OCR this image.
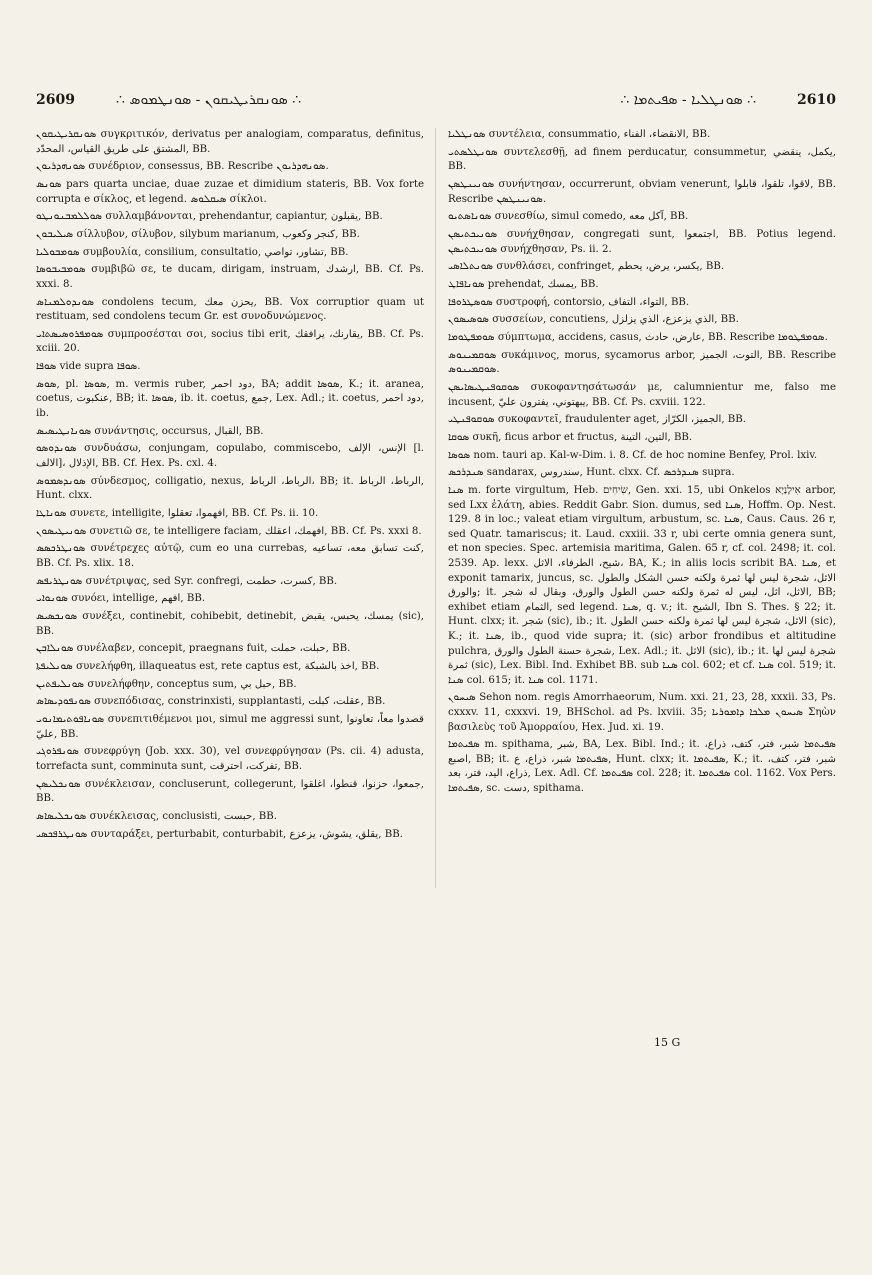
2609	∴ ܣܘܢܩܪܝܛܝܩܘܢ - ܣܘܢܛܡܘܣ ∴	∴ ܣܘܢܛܠܝܐ - ܣܦܝܬܡܐ ∴	2610

ܣܘܢܩܪܝܛܝܩܘܢ συγκριτικόν, derivatus per analogiam, comparatus, definitus, المشتق على طريق القياس، المحدّد, BB.

ܣܘܢܗܕܪܝܘܢ συνέδριον, consessus, BB. Rescribe ܣܘܢܗܕܪܝܘܢ.

ܣܘܢܣ pars quarta unciae, duae zuzae et dimidium stateris, BB. Vox forte corrupta e σίκλος, et legend. ܣܝܩܠܘܣ σίκλοι.

ܣܘܠܠܡܒܢܘܢܛܘ συλλαμβάνονται, prehendantur, capiantur, يقبلون, BB.

ܣܝܠܝܒܘܢ σίλλυβον, σίλυβον, silybum marianum, كنجر وكعوب, BB.

ܣܘܡܒܘܠܝܐ συμβουλία, consilium, consultatio, تشاور، تواصي, BB.

ܣܘܡܒܝܒܘܣܐ συμβιβῶ σε, te ducam, dirigam, instruam, ارشدك, BB. Cf. Ps. xxxi. 8.

ܣܘܢܕܘܠܡܢܐܣ condolens tecum, يحزن معك, BB. Vox corruptior quam ut restituam, sed condolens tecum Gr. est συνοδυνώμενος.

ܣܘܡܦܪܘܣܝܣܬܐܝ συμπροσέσται σοι, socius tibi erit, يقارنك، يرافقك, BB. Cf. Ps. xciii. 20.

ܣܘܦܐ vide supra ܣܘܦܐ.

ܣܘܣ, pl. ܣܘܣܐ, m. vermis ruber, دود احمر, BA; addit ܣܘܣܐ, K.; it. aranea, coetus, عنكبوت, BB; it. ܣܘܣܐ, ib. it. coetus, جمع, Lex. Adl.; it. coetus, دود احمر, ib.

ܣܘܢܐܢܛܝܣܝܣ συνάντησις, occursus, القبال, BB.

ܣܘܢܕܘܣܘ συνδυάσω, conjungam, copulabo, commiscebo, الإنس، الإلف [l. الالف]، الإذلال, BB. Cf. Hex. Ps. cxl. 4.

ܣܘܢܕܣܡܘܣ σύνδεσμος, colligatio, nexus, الرباط، الرباط، BB; it. الرباط، الرباط, Hunt. clxx.

ܣܘܢܐܛܐ συνετε, intelligite, افهموا، تعقلوا, BB. Cf. Ps. ii. 10.

ܣܘܢܝܛܝܣܘܢ συνετιῶ σε, te intelligere faciam, افهمك، اعقلك, BB. Cf. Ps. xxxi 8.

ܣܘܢܛܪܟܣܣ συνέτρεχες αὐτῷ, cum eo una currebas, كنت تسابق معه، تساعيه, BB. Cf. Ps. xlix. 18.

ܣܘܢܛܪܝܦܣ συνέτριψας, sed Syr. confregi, كسرت، حطمت, BB.

ܣܘܢܘܐܝ συνόει, intellige, افهم, BB.

ܣܘܢܟܣܝܣ συνέξει, continebit, cohibebit, detinebit, يمسك، يحبس، يقبض (sic), BB.

ܣܘܢܠܐܒܢ συνέλαβεν, concepit, praegnans fuit, حبلت، حملت, BB.

ܣܘܢܠܝܦܬܐ συνελήφθη, illaqueatus est, rete captus est, اخذ بالشبكة, BB.

ܣܘܢܠܝܦܬܝܢ συνελήφθην, conceptus sum, حبل بي, BB.

ܣܘܢܦܘܕܝܣܐܣ συνεπόδισας, constrinxisti, supplantasti, عقلت، كبلت, BB.

ܣܘܢܐܦܘܬܝܡܐܢܘܝ συνεπιτιθέμενοι μοι, simul me aggressi sunt, قصدوا معاً، تعاونوا عليّ, BB.

ܣܘܢܦܪܘܓܝ συνεφρύγη (Job. xxx. 30), vel συνεφρύγησαν (Ps. cii. 4) adusta, torrefacta sunt, comminuta sunt, تفركت، احترقت, BB.

ܣܘܢܟܠܝܣܢ συνέκλεισαν, concluserunt, collegerunt, جمعوا، حزنوا، قنطوا، اغلقوا, BB.

ܣܘܢܟܠܝܣܐܣ συνέκλεισας, conclusisti, حبست, BB.

ܣܘܢܛܪܦܟܣܝ συνταράξει, perturbabit, conturbabit, يقلق، يشوش، يزعزع, BB.

ܣܘܢܛܠܝܐ συντέλεια, consummatio, الانقضاء، الفناء, BB.

ܣܘܢܛܠܣܬܝ συντελεσθῇ, ad finem perducatur, consummetur, يكمل، ينقضي, BB.

ܣܘܢܝܢܛܣܢ συνήντησαν, occurrerunt, obviam venerunt, لاقوا، تلقوا، قابلوا, BB. Rescribe ܣܘܢܝܢܛܣܢ.

ܣܘܢܐܣܬܝܘ συνεσθίω, simul comedo, آكل معه, BB.

ܣܘܢܝܟܬܝܣܢ συνήχθησαν, congregati sunt, اجتمعوا, BB. Potius legend. ܣܘܢܝܟܬܝܣܢ συνήχθησαν, Ps. ii. 2.

ܣܘܢܬܠܐܣܝ συνθλάσει, confringet, يكسر، يرض، يحطم, BB.

ܣܘܢܐܦܐܛ prehendat, يمسك, BB.

ܣܘܣܛܪܘܦܐ συστροφή, contorsio, التواء، التفاف, BB.

ܣܘܣܝܣܘܢ συσσείων, concutiens, الذي يزعزع، الذي يزلزل, BB.

ܣܘܡܦܛܘܡܐ σύμπτωμα, accidens, casus, عارض، حادث, BB. Rescribe ܣܘܡܦܛܘܡܐ.

ܣܘܩܡܝܢܘܣ συκάμινος, morus, sycamorus arbor, التوت، الجميز, BB. Rescribe ܣܘܩܡܝܢܘܣ.

ܣܘܩܘܦܢܛܝܣܐܝܣܢ συκοφαντησάτωσάν με, calumnientur me, falso me incusent, يبهتوني، يفترون عليّ, BB. Cf. Ps. cxviii. 122.

ܣܘܩܘܦܢܛܝ συκοφαντεῖ, fraudulenter aget, الجميز، الكرّاز, BB.

ܣܘܩܐ συκῆ, ficus arbor et fructus, التين، التينة, BB.

ܣܘܣܐ nom. tauri ap. Kal-w-Dim. i. 8. Cf. de hoc nomine Benfey, Prol. lxiv.

ܣܢܕܪܟܣ sandarax, سندروس, Hunt. clxx. Cf. ܣܢܕܪܟܣ supra.

ܣܢܐ m. forte virgultum, Heb. שִׂיחִים, Gen. xxi. 15, ubi Onkelos אִילָנַיָא arbor, sed Lxx ἐλάτη, abies. Reddit Gabr. Sion. dumus, sed ܣܢܐ, Hoffm. Op. Nest. 129. 8 in loc.; valeat etiam virgultum, arbustum, sc. ܣܢܐ, Caus. Caus. 26 r, sed Quatr. tamariscus; it. Laud. cxxiii. 33 r, ubi certe omnia genera sunt, et non species. Spec. artemisia maritima, Galen. 65 r, cf. col. 2498; it. col. 2539. Ap. lexx. شيح، الطرفاء، الاثل، BA, K.; in aliis locis scribit BA. ܣܢܐ, et exponit tamarix, juncus, sc. الاثل، شجرة ليس لها ثمرة ولكنه حسن الشكل والطول والورق; it. الاثل، اثل، ليس له ثمرة ولكنه حسن الطول والورق، وبقال له شجر, BB; exhibet etiam الثمام, sed legend. ܣܢܐ, q. v.; it. الشيح, Ibn S. Thes. § 22; it. Hunt. clxx; it. شجر (sic), ib.; it. الاثل، شجرة ليس لها ثمرة ولكنه حسن الطول (sic), K.; it. ܣܢܐ, ib., quod vide supra; it. (sic) arbor frondibus et altitudine pulchra, شجرة حسنة الطول والورق, Lex. Adl.; it. الاثل (sic), ib.; it. شجرة ليس لها ثمرة (sic), Lex. Bibl. Ind. Exhibet BB. sub ܣܢܐ col. 602; et cf. ܣܢܐ col. 519; it. ܣܢܐ col. 615; it. ܣܢܐ col. 1171.

ܣܝܚܘܢ Sehon nom. regis Amorrhaeorum, Num. xxi. 21, 23, 28, xxxii. 33, Ps. cxxxv. 11, cxxxvi. 19, BHSchol. ad Ps. lxviii. 35; ܣܝܚܘܢ ܡܠܟܐ ܕܐܡܘܪܝܐ Σηὼν βασιλεὺς τοῦ Ἀμορραίου, Hex. Jud. xi. 19.

ܣܦܝܬܡܐ m. spithama, شبر, BA, Lex. Bibl. Ind.; it. ܣܦܝܬܡܐ شبر، فتر، كتف، ذراع، اصبع, BB; it. ܣܦܝܬܡܐ شبر، ذراع، ع, Hunt. clxx; it. ܣܦܝܬܡܐ, K.; it. شبر، فتر، كتف، ذراع، اليد، فتر، بعد, Lex. Adl. Cf. ܣܦܝܬܡܐ col. 228; it. ܣܦܝܬܡܐ col. 1162. Vox Pers. ܣܦܝܬܡܐ, sc. دست, spithama.

15 G
